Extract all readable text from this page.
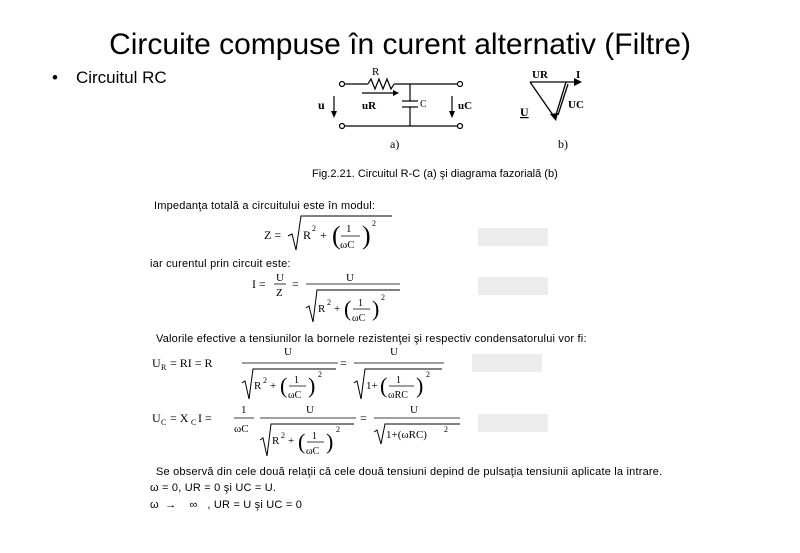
Circuite compuse în curent alternativ (Filtre)
• Circuitul RC	R
C
u	uR	uC
a)
UR	I
U	UC
b)
Fig.2.21. Circuitul R-C (a) şi diagrama fazorială (b)
Impedanţa totală a circuitului este în modul:
Z = R 2 + ( 1
ωC ) 2
iar curentul prin circuit este:
I = U
Z
=	U
R
2
+ ( 1
ωC ) 2
Valorile efective a tensiunilor la bornele rezistenţei şi respectiv condensatorului vor fi:
U R = RI = R
U
R 2 + ( 1
ωC ) 2
=
U
1+ ( 1
ωRC ) 2
U C = X C I =
1
ωC
U
R 2 + ( 1
ωC ) 2
=
U
1+(ωRC) 2
Se observă din cele două relaţii că cele două tensiuni depind de pulsaţia tensiunii aplicate la intrare.
ω = 0, UR = 0 şi UC = U.
ω  →    ∞   , UR = U şi UC = 0
